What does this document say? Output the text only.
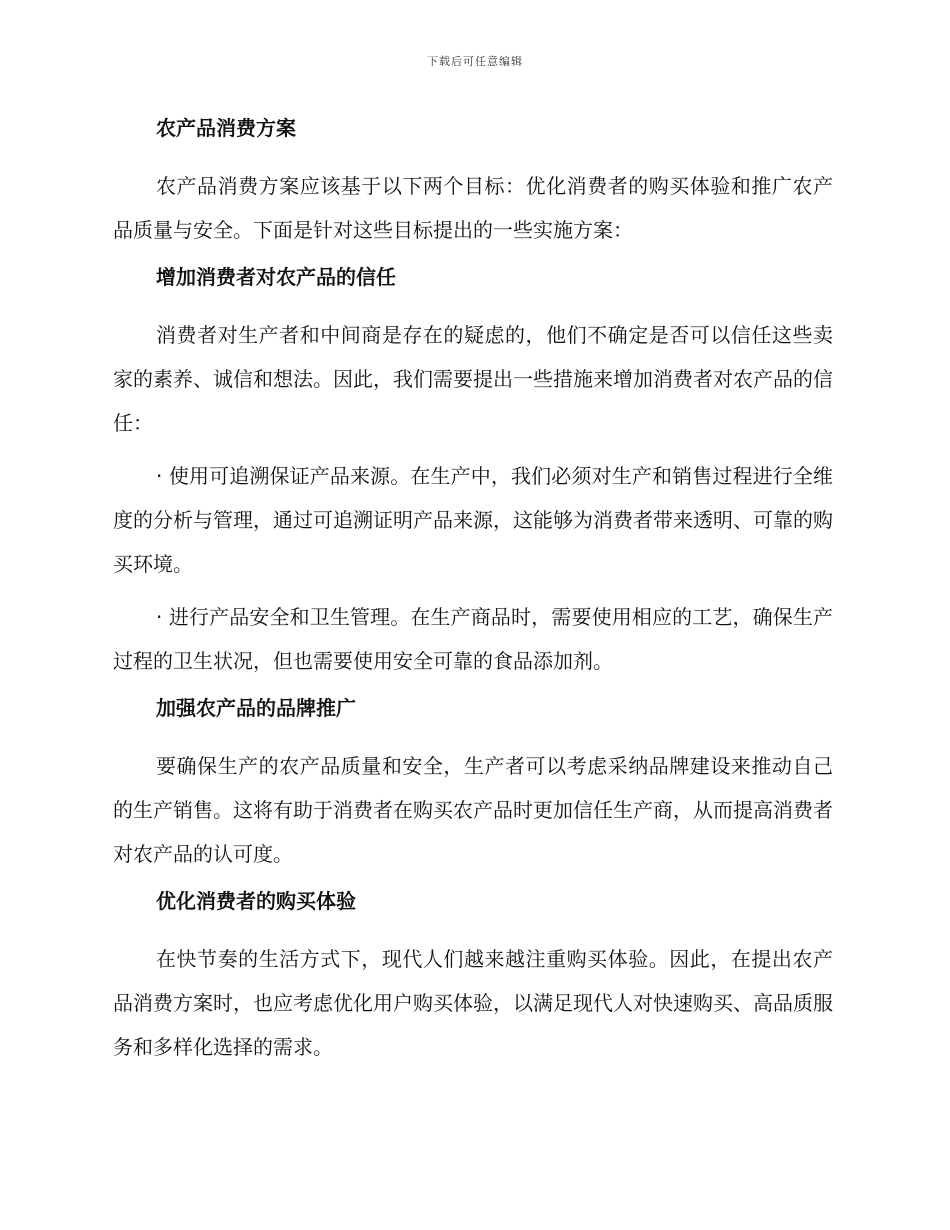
下载后可任意编辑
农产品消费方案

农产品消费方案应该基于以下两个目标：优化消费者的购买体验和推广农产品质量与安全。下面是针对这些目标提出的一些实施方案：

增加消费者对农产品的信任

消费者对生产者和中间商是存在的疑虑的，他们不确定是否可以信任这些卖家的素养、诚信和想法。因此，我们需要提出一些措施来增加消费者对农产品的信任：

· 使用可追溯保证产品来源。在生产中，我们必须对生产和销售过程进行全维度的分析与管理，通过可追溯证明产品来源，这能够为消费者带来透明、可靠的购买环境。

· 进行产品安全和卫生管理。在生产商品时，需要使用相应的工艺，确保生产过程的卫生状况，但也需要使用安全可靠的食品添加剂。

加强农产品的品牌推广

要确保生产的农产品质量和安全，生产者可以考虑采纳品牌建设来推动自己的生产销售。这将有助于消费者在购买农产品时更加信任生产商，从而提高消费者对农产品的认可度。

优化消费者的购买体验

在快节奏的生活方式下，现代人们越来越注重购买体验。因此，在提出农产品消费方案时，也应考虑优化用户购买体验，以满足现代人对快速购买、高品质服务和多样化选择的需求。
